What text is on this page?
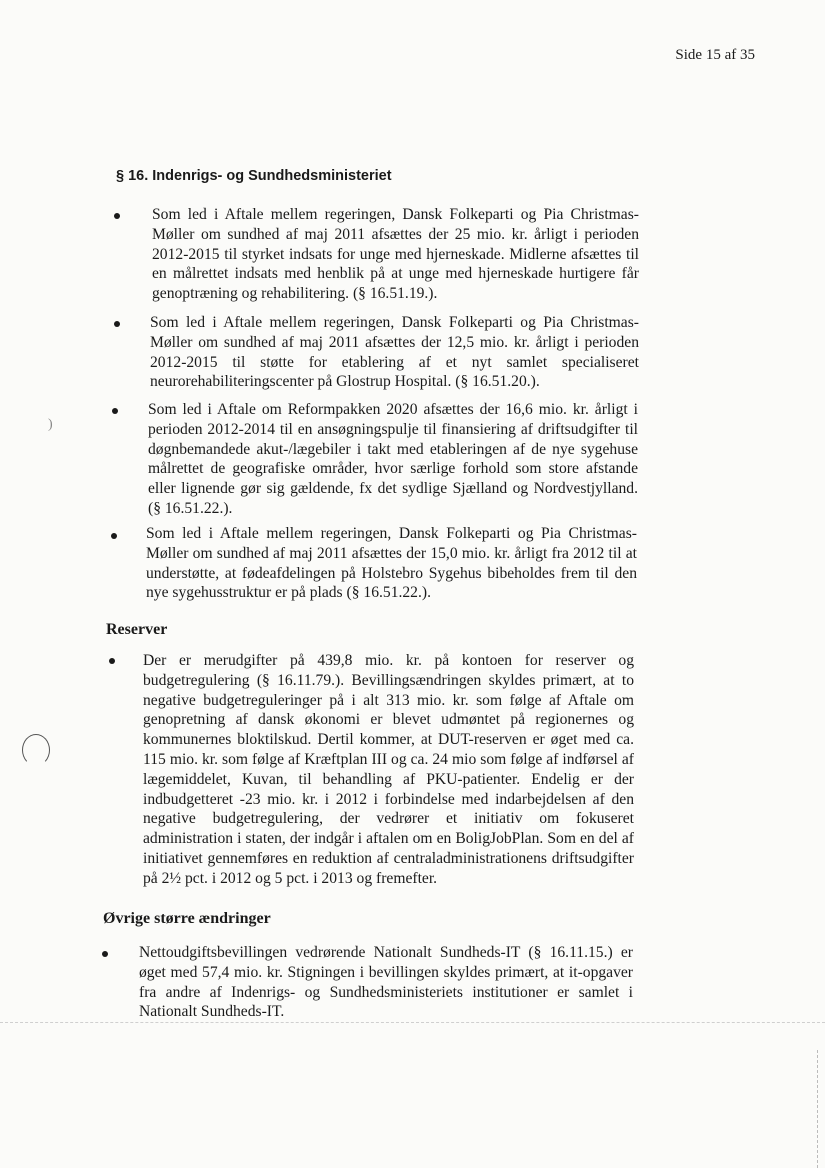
Side 15 af 35
§ 16. Indenrigs- og Sundhedsministeriet
Som led i Aftale mellem regeringen, Dansk Folkeparti og Pia Christmas-Møller om sundhed af maj 2011 afsættes der 25 mio. kr. årligt i perioden 2012-2015 til styrket indsats for unge med hjerneskade. Midlerne afsættes til en målrettet indsats med henblik på at unge med hjerneskade hurtigere får genoptræning og rehabilitering. (§ 16.51.19.).
Som led i Aftale mellem regeringen, Dansk Folkeparti og Pia Christmas-Møller om sundhed af maj 2011 afsættes der 12,5 mio. kr. årligt i perioden 2012-2015 til støtte for etablering af et nyt samlet specialiseret neurorehabiliteringscenter på Glostrup Hospital. (§ 16.51.20.).
Som led i Aftale om Reformpakken 2020 afsættes der 16,6 mio. kr. årligt i perioden 2012-2014 til en ansøgningspulje til finansiering af driftsudgifter til døgnbemandede akut-/lægebiler i takt med etableringen af de nye sygehuse målrettet de geografiske områder, hvor særlige forhold som store afstande eller lignende gør sig gældende, fx det sydlige Sjælland og Nordvestjylland. (§ 16.51.22.).
Som led i Aftale mellem regeringen, Dansk Folkeparti og Pia Christmas-Møller om sundhed af maj 2011 afsættes der 15,0 mio. kr. årligt fra 2012 til at understøtte, at fødeafdelingen på Holstebro Sygehus bibeholdes frem til den nye sygehusstruktur er på plads (§ 16.51.22.).
Reserver
Der er merudgifter på 439,8 mio. kr. på kontoen for reserver og budgetregulering (§ 16.11.79.). Bevillingsændringen skyldes primært, at to negative budgetreguleringer på i alt 313 mio. kr. som følge af Aftale om genopretning af dansk økonomi er blevet udmøntet på regionernes og kommunernes bloktilskud. Dertil kommer, at DUT-reserven er øget med ca. 115 mio. kr. som følge af Kræftplan III og ca. 24 mio som følge af indførsel af lægemiddelet, Kuvan, til behandling af PKU-patienter. Endelig er der indbudgetteret -23 mio. kr. i 2012 i forbindelse med indarbejdelsen af den negative budgetregulering, der vedrører et initiativ om fokuseret administration i staten, der indgår i aftalen om en BoligJobPlan. Som en del af initiativet gennemføres en reduktion af centraladministrationens driftsudgifter på 2½ pct. i 2012 og 5 pct. i 2013 og fremefter.
Øvrige større ændringer
Nettoudgiftsbevillingen vedrørende Nationalt Sundheds-IT (§ 16.11.15.) er øget med 57,4 mio. kr. Stigningen i bevillingen skyldes primært, at it-opgaver fra andre af Indenrigs- og Sundhedsministeriets institutioner er samlet i Nationalt Sundheds-IT.
)
